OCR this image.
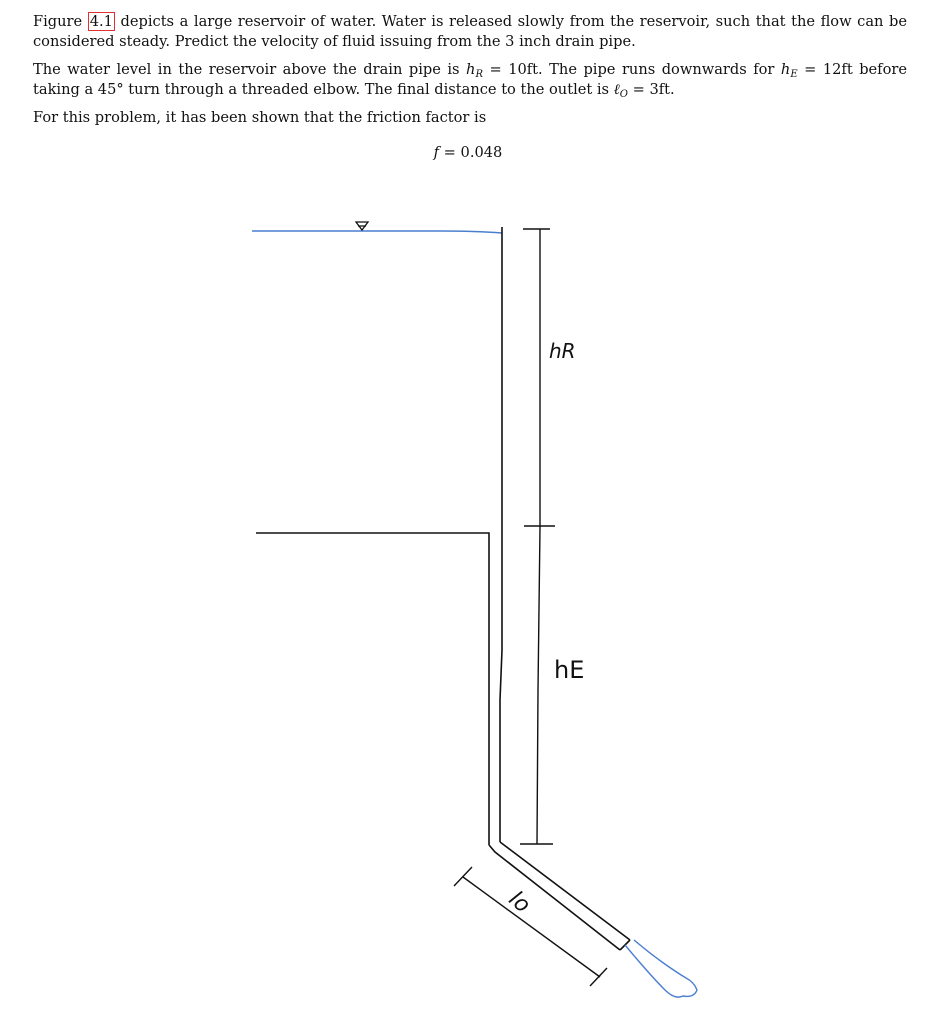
Figure 4.1 depicts a large reservoir of water. Water is released slowly from the reservoir, such that the flow can be considered steady. Predict the velocity of fluid issuing from the 3 inch drain pipe.
The water level in the reservoir above the drain pipe is $h_R = 10ft$. The pipe runs downwards for $h_E = 12ft$ before taking a 45° turn through a threaded elbow. The final distance to the outlet is ℓ$_O$ = 3ft.
For this problem, it has been shown that the friction factor is
f = 0.048
hR
hE
lo
